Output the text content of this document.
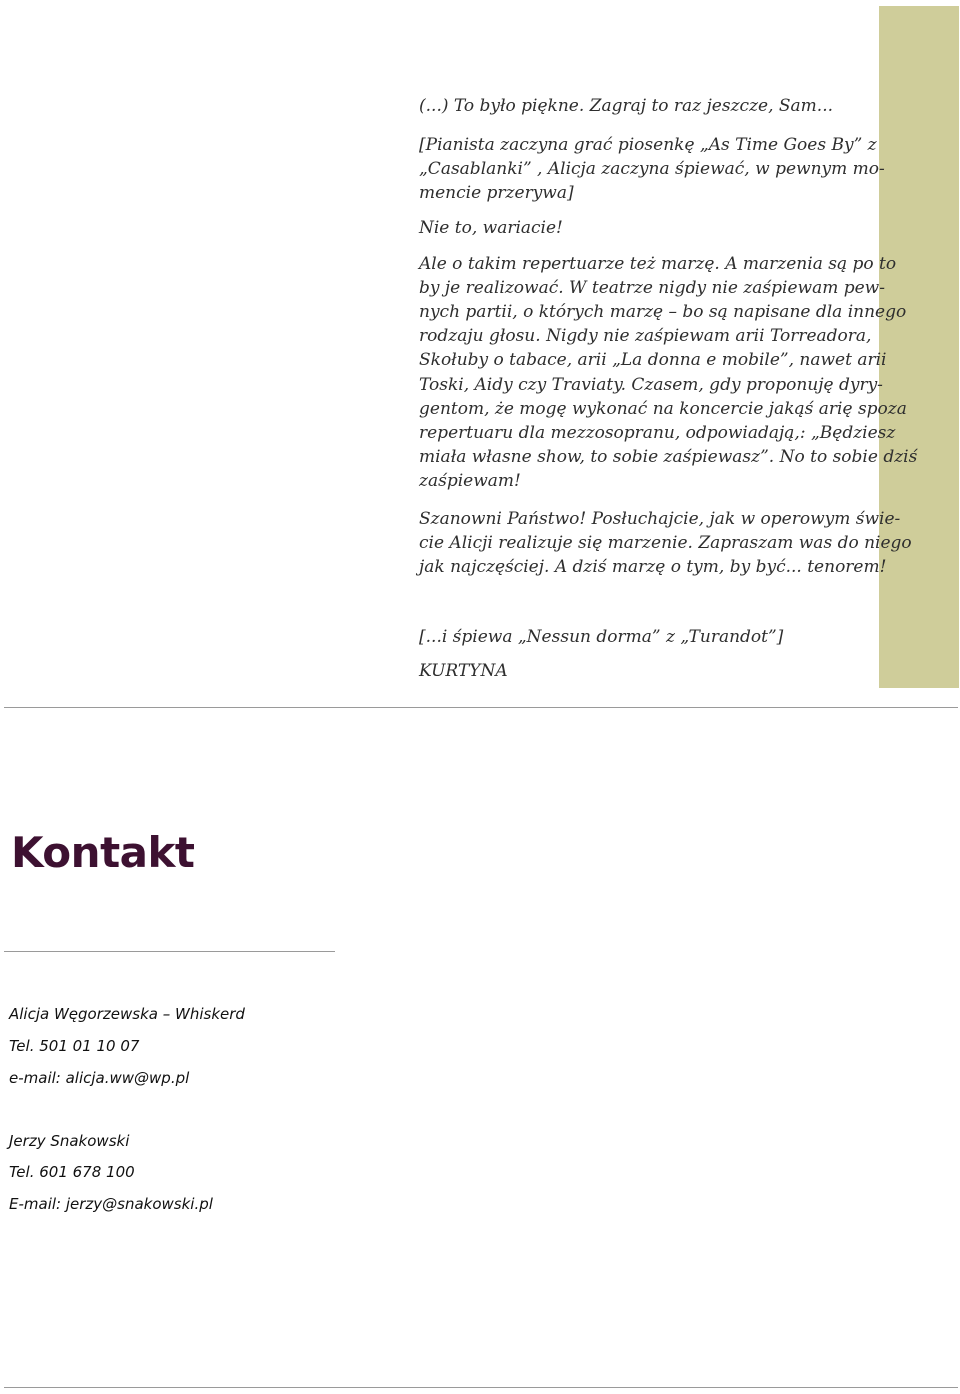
(...) To było piękne. Zagraj to raz jeszcze, Sam...
[Pianista zaczyna grać piosenkę „As Time Goes By” z
„Casablanki” , Alicja zaczyna śpiewać, w pewnym mo-
mencie przerywa]
Nie to, wariacie!
Ale o takim repertuarze też marzę. A marzenia są po to
by je realizować. W teatrze nigdy nie zaśpiewam pew-
nych partii, o których marzę – bo są napisane dla innego
rodzaju głosu. Nigdy nie zaśpiewam arii Torreadora,
Skołuby o tabace, arii „La donna e mobile”, nawet arii
Toski, Aidy czy Traviaty. Czasem, gdy proponuję dyry-
gentom, że mogę wykonać na koncercie jakąś arię spoza
repertuaru dla mezzosopranu, odpowiadają,: „Będziesz
miała własne show, to sobie zaśpiewasz”. No to sobie dziś
zaśpiewam!
Szanowni Państwo! Posłuchajcie, jak w operowym świe-
cie Alicji realizuje się marzenie. Zapraszam was do niego
jak najczęściej. A dziś marzę o tym, by być... tenorem!
[...i śpiewa „Nessun dorma” z „Turandot”]
KURTYNA
Kontakt
Alicja Węgorzewska – Whiskerd
Tel. 501 01 10 07
e-mail: alicja.ww@wp.pl
Jerzy Snakowski
Tel. 601 678 100
E-mail: jerzy@snakowski.pl
